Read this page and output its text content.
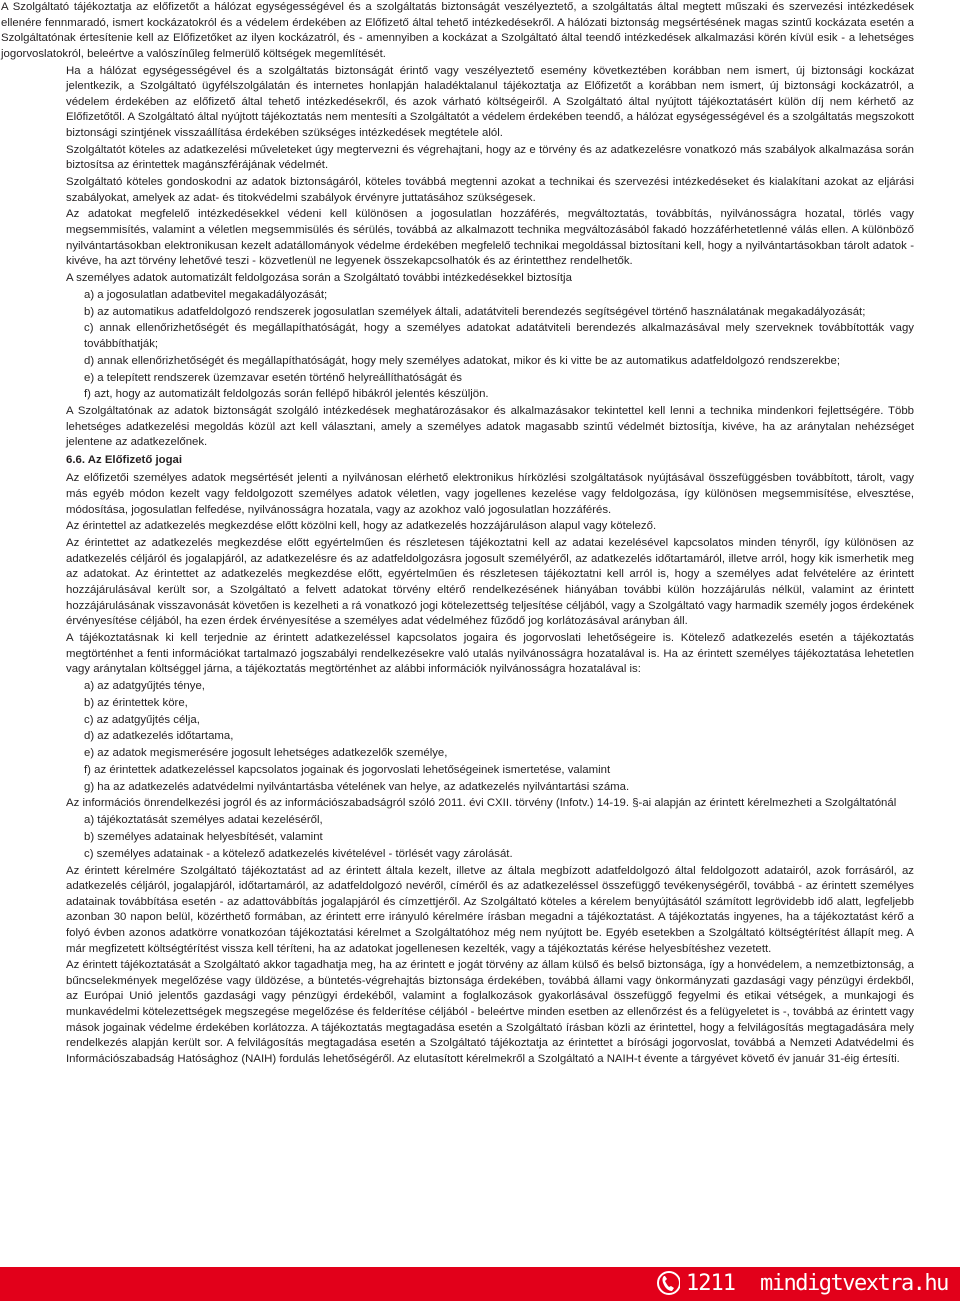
A Szolgáltató tájékoztatja az előfizetőt a hálózat egységességével és a szolgáltatás biztonságát veszélyeztető, a szolgáltatás által megtett műszaki és szervezési intézkedések ellenére fennmaradó, ismert kockázatokról és a védelem érdekében az Előfizető által tehető intézkedésekről. A hálózati biztonság megsértésének magas szintű kockázata esetén a Szolgáltatónak értesítenie kell az Előfizetőket az ilyen kockázatról, és - amennyiben a kockázat a Szolgáltató által teendő intézkedések alkalmazási körén kívül esik - a lehetséges jogorvoslatokról, beleértve a valószínűleg felmerülő költségek megemlítését.
Ha a hálózat egységességével és a szolgáltatás biztonságát érintő vagy veszélyeztető esemény következtében korábban nem ismert, új biztonsági kockázat jelentkezik, a Szolgáltató ügyfélszolgálatán és internetes honlapján haladéktalanul tájékoztatja az Előfizetőt a korábban nem ismert, új biztonsági kockázatról, a védelem érdekében az előfizető által tehető intézkedésekről, és azok várható költségeiről. A Szolgáltató által nyújtott tájékoztatásért külön díj nem kérhető az Előfizetőtől. A Szolgáltató által nyújtott tájékoztatás nem mentesíti a Szolgáltatót a védelem érdekében teendő, a hálózat egységességével és a szolgáltatás megszokott biztonsági szintjének visszaállítása érdekében szükséges intézkedések megtétele alól.
Szolgáltatót köteles az adatkezelési műveleteket úgy megtervezni és végrehajtani, hogy az e törvény és az adatkezelésre vonatkozó más szabályok alkalmazása során biztosítsa az érintettek magánszférájának védelmét.
Szolgáltató köteles gondoskodni az adatok biztonságáról, köteles továbbá megtenni azokat a technikai és szervezési intézkedéseket és kialakítani azokat az eljárási szabályokat, amelyek az adat- és titokvédelmi szabályok érvényre juttatásához szükségesek.
Az adatokat megfelelő intézkedésekkel védeni kell különösen a jogosulatlan hozzáférés, megváltoztatás, továbbítás, nyilvánosságra hozatal, törlés vagy megsemmisítés, valamint a véletlen megsemmisülés és sérülés, továbbá az alkalmazott technika megváltozásából fakadó hozzáférhetetlenné válás ellen. A különböző nyilvántartásokban elektronikusan kezelt adatállományok védelme érdekében megfelelő technikai megoldással biztosítani kell, hogy a nyilvántartásokban tárolt adatok - kivéve, ha azt törvény lehetővé teszi - közvetlenül ne legyenek összekapcsolhatók és az érintetthez rendelhetők.
A személyes adatok automatizált feldolgozása során a Szolgáltató további intézkedésekkel biztosítja
a) a jogosulatlan adatbevitel megakadályozását;
b) az automatikus adatfeldolgozó rendszerek jogosulatlan személyek általi, adatátviteli berendezés segítségével történő használatának megakadályozását;
c) annak ellenőrizhetőségét és megállapíthatóságát, hogy a személyes adatokat adatátviteli berendezés alkalmazásával mely szerveknek továbbították vagy továbbíthatják;
d) annak ellenőrizhetőségét és megállapíthatóságát, hogy mely személyes adatokat, mikor és ki vitte be az automatikus adatfeldolgozó rendszerekbe;
e) a telepített rendszerek üzemzavar esetén történő helyreállíthatóságát és
f) azt, hogy az automatizált feldolgozás során fellépő hibákról jelentés készüljön.
A Szolgáltatónak az adatok biztonságát szolgáló intézkedések meghatározásakor és alkalmazásakor tekintettel kell lenni a technika mindenkori fejlettségére. Több lehetséges adatkezelési megoldás közül azt kell választani, amely a személyes adatok magasabb szintű védelmét biztosítja, kivéve, ha az aránytalan nehézséget jelentene az adatkezelőnek.
6.6. Az Előfizető jogai
Az előfizetői személyes adatok megsértését jelenti a nyilvánosan elérhető elektronikus hírközlési szolgáltatások nyújtásával összefüggésben továbbított, tárolt, vagy más egyéb módon kezelt vagy feldolgozott személyes adatok véletlen, vagy jogellenes kezelése vagy feldolgozása, így különösen megsemmisítése, elvesztése, módosítása, jogosulatlan felfedése, nyilvánosságra hozatala, vagy az azokhoz való jogosulatlan hozzáférés.
Az érintettel az adatkezelés megkezdése előtt közölni kell, hogy az adatkezelés hozzájáruláson alapul vagy kötelező.
Az érintettet az adatkezelés megkezdése előtt egyértelműen és részletesen tájékoztatni kell az adatai kezelésével kapcsolatos minden tényről, így különösen az adatkezelés céljáról és jogalapjáról, az adatkezelésre és az adatfeldolgozásra jogosult személyéről, az adatkezelés időtartamáról, illetve arról, hogy kik ismerhetik meg az adatokat. Az érintettet az adatkezelés megkezdése előtt, egyértelműen és részletesen tájékoztatni kell arról is, hogy a személyes adat felvételére az érintett hozzájárulásával került sor, a Szolgáltató a felvett adatokat törvény eltérő rendelkezésének hiányában további külön hozzájárulás nélkül, valamint az érintett hozzájárulásának visszavonását követően is kezelheti a rá vonatkozó jogi kötelezettség teljesítése céljából, vagy a Szolgáltató vagy harmadik személy jogos érdekének érvényesítése céljából, ha ezen érdek érvényesítése a személyes adat védelméhez fűződő jog korlátozásával arányban áll.
A tájékoztatásnak ki kell terjednie az érintett adatkezeléssel kapcsolatos jogaira és jogorvoslati lehetőségeire is. Kötelező adatkezelés esetén a tájékoztatás megtörténhet a fenti információkat tartalmazó jogszabályi rendelkezésekre való utalás nyilvánosságra hozatalával is. Ha az érintett személyes tájékoztatása lehetetlen vagy aránytalan költséggel járna, a tájékoztatás megtörténhet az alábbi információk nyilvánosságra hozatalával is:
a) az adatgyűjtés ténye,
b) az érintettek köre,
c) az adatgyűjtés célja,
d) az adatkezelés időtartama,
e) az adatok megismerésére jogosult lehetséges adatkezelők személye,
f) az érintettek adatkezeléssel kapcsolatos jogainak és jogorvoslati lehetőségeinek ismertetése, valamint
g) ha az adatkezelés adatvédelmi nyilvántartásba vételének van helye, az adatkezelés nyilvántartási száma.
Az információs önrendelkezési jogról és az információszabadságról szóló 2011. évi CXII. törvény (Infotv.) 14-19. §-ai alapján az érintett kérelmezheti a Szolgáltatónál
a) tájékoztatását személyes adatai kezeléséről,
b) személyes adatainak helyesbítését, valamint
c) személyes adatainak - a kötelező adatkezelés kivételével - törlését vagy zárolását.
Az érintett kérelmére Szolgáltató tájékoztatást ad az érintett általa kezelt, illetve az általa megbízott adatfeldolgozó által feldolgozott adatairól, azok forrásáról, az adatkezelés céljáról, jogalapjáról, időtartamáról, az adatfeldolgozó nevéről, címéről és az adatkezeléssel összefüggő tevékenységéről, továbbá - az érintett személyes adatainak továbbítása esetén - az adattovábbítás jogalapjáról és címzettjéről. Az Szolgáltató köteles a kérelem benyújtásától számított legrövidebb idő alatt, legfeljebb azonban 30 napon belül, közérthető formában, az érintett erre irányuló kérelmére írásban megadni a tájékoztatást. A tájékoztatás ingyenes, ha a tájékoztatást kérő a folyó évben azonos adatkörre vonatkozóan tájékoztatási kérelmet a Szolgáltatóhoz még nem nyújtott be. Egyéb esetekben a Szolgáltató költségtérítést állapít meg. A már megfizetett költségtérítést vissza kell téríteni, ha az adatokat jogellenesen kezelték, vagy a tájékoztatás kérése helyesbítéshez vezetett.
Az érintett tájékoztatását a Szolgáltató akkor tagadhatja meg, ha az érintett e jogát törvény az állam külső és belső biztonsága, így a honvédelem, a nemzetbiztonság, a bűncselekmények megelőzése vagy üldözése, a büntetés-végrehajtás biztonsága érdekében, továbbá állami vagy önkormányzati gazdasági vagy pénzügyi érdekből, az Európai Unió jelentős gazdasági vagy pénzügyi érdekéből, valamint a foglalkozások gyakorlásával összefüggő fegyelmi és etikai vétségek, a munkajogi és munkavédelmi kötelezettségek megszegése megelőzése és felderítése céljából - beleértve minden esetben az ellenőrzést és a felügyeletet is -, továbbá az érintett vagy mások jogainak védelme érdekében korlátozza. A tájékoztatás megtagadása esetén a Szolgáltató írásban közli az érintettel, hogy a felvilágosítás megtagadására mely rendelkezés alapján került sor. A felvilágosítás megtagadása esetén a Szolgáltató tájékoztatja az érintettet a bírósági jogorvoslat, továbbá a Nemzeti Adatvédelmi és Információszabadság Hatósághoz (NAIH) fordulás lehetőségéről. Az elutasított kérelmekről a Szolgáltató a NAIH-t évente a tárgyévet követő év január 31-éig értesíti.
1211 mindigtvextra.hu
